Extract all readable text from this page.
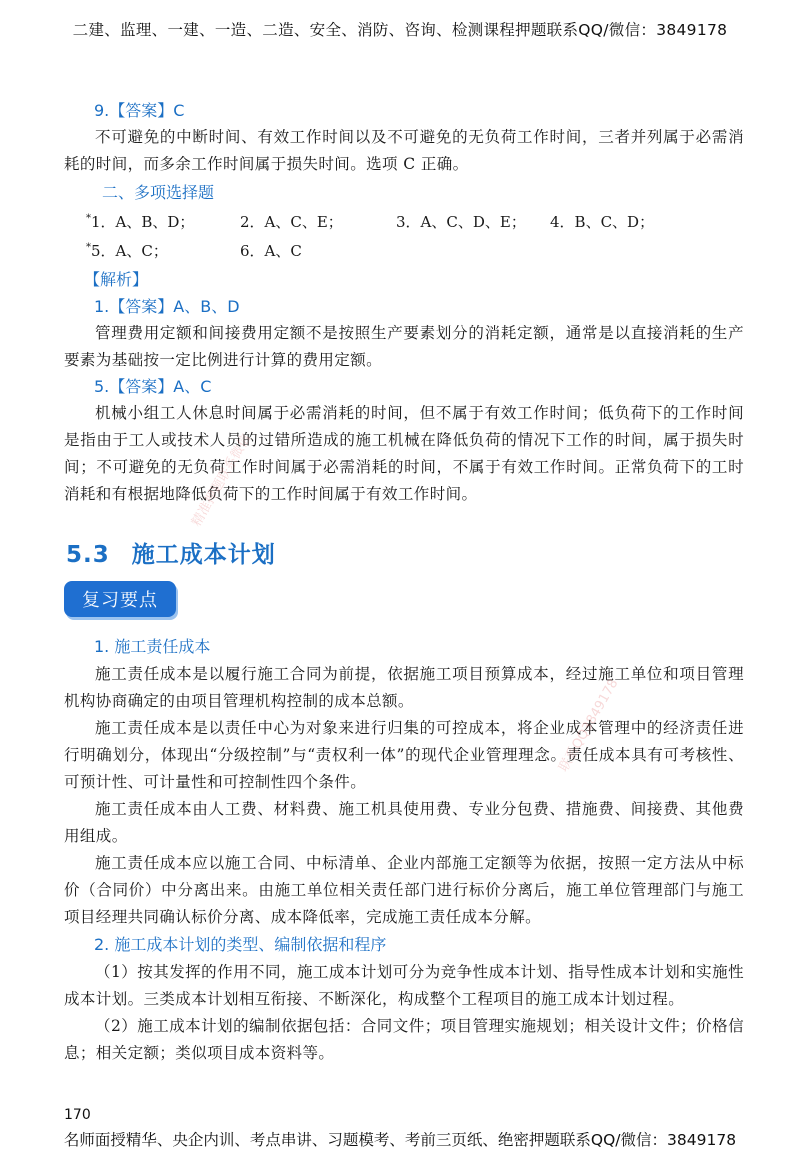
二建、监理、一建、一造、二造、安全、消防、咨询、检测课程押题联系QQ/微信：3849178

9.【答案】C

不可避免的中断时间、有效工作时间以及不可避免的无负荷工作时间，三者并列属于必需消耗的时间，而多余工作时间属于损失时间。选项 C 正确。

二、多项选择题

*1．A、B、D；	2．A、C、E；	3．A、C、D、E；	4．B、C、D；
*5．A、C；	6．A、C

【解析】

1.【答案】A、B、D

管理费用定额和间接费用定额不是按照生产要素划分的消耗定额，通常是以直接消耗的生产要素为基础按一定比例进行计算的费用定额。

5.【答案】A、C

机械小组工人休息时间属于必需消耗的时间，但不属于有效工作时间；低负荷下的工作时间是指由于工人或技术人员的过错所造成的施工机械在降低负荷的情况下工作的时间，属于损失时间；不可避免的无负荷工作时间属于必需消耗的时间，不属于有效工作时间。正常负荷下的工时消耗和有根据地降低负荷下的工作时间属于有效工作时间。

5.3 施工成本计划
复习要点

1. 施工责任成本

施工责任成本是以履行施工合同为前提，依据施工项目预算成本，经过施工单位和项目管理机构协商确定的由项目管理机构控制的成本总额。

施工责任成本是以责任中心为对象来进行归集的可控成本，将企业成本管理中的经济责任进行明确划分，体现出“分级控制”与“责权利一体”的现代企业管理理念。责任成本具有可考核性、可预计性、可计量性和可控制性四个条件。

施工责任成本由人工费、材料费、施工机具使用费、专业分包费、措施费、间接费、其他费用组成。

施工责任成本应以施工合同、中标清单、企业内部施工定额等为依据，按照一定方法从中标价（合同价）中分离出来。由施工单位相关责任部门进行标价分离后，施工单位管理部门与施工项目经理共同确认标价分离、成本降低率，完成施工责任成本分解。

2. 施工成本计划的类型、编制依据和程序

（1）按其发挥的作用不同，施工成本计划可分为竞争性成本计划、指导性成本计划和实施性成本计划。三类成本计划相互衔接、不断深化，构成整个工程项目的施工成本计划过程。

（2）施工成本计划的编制依据包括：合同文件；项目管理实施规划；相关设计文件；价格信息；相关定额；类似项目成本资料等。

精准押题联系微信
联系QQ3849178
170
名师面授精华、央企内训、考点串讲、习题模考、考前三页纸、绝密押题联系QQ/微信：3849178
